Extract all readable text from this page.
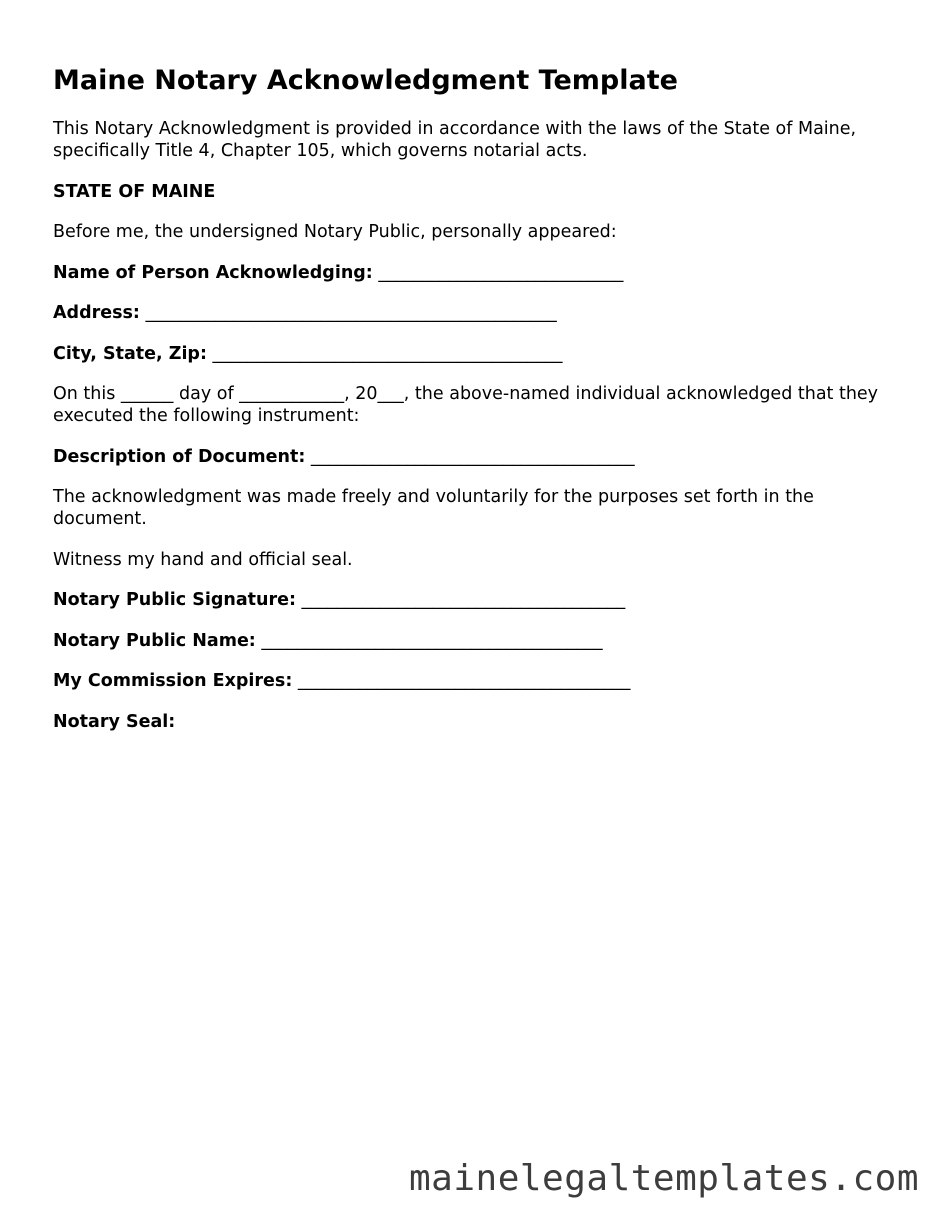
Maine Notary Acknowledgment Template

This Notary Acknowledgment is provided in accordance with the laws of the State of Maine, specifically Title 4, Chapter 105, which governs notarial acts.

STATE OF MAINE

Before me, the undersigned Notary Public, personally appeared:

Name of Person Acknowledging: ____________________________

Address: _______________________________________________

City, State, Zip: ________________________________________

On this ______ day of ____________, 20___, the above-named individual acknowledged that they executed the following instrument:

Description of Document: _____________________________________

The acknowledgment was made freely and voluntarily for the purposes set forth in the document.

Witness my hand and official seal.

Notary Public Signature: _____________________________________

Notary Public Name: _______________________________________

My Commission Expires: ______________________________________

Notary Seal:

mainelegaltemplates.com
